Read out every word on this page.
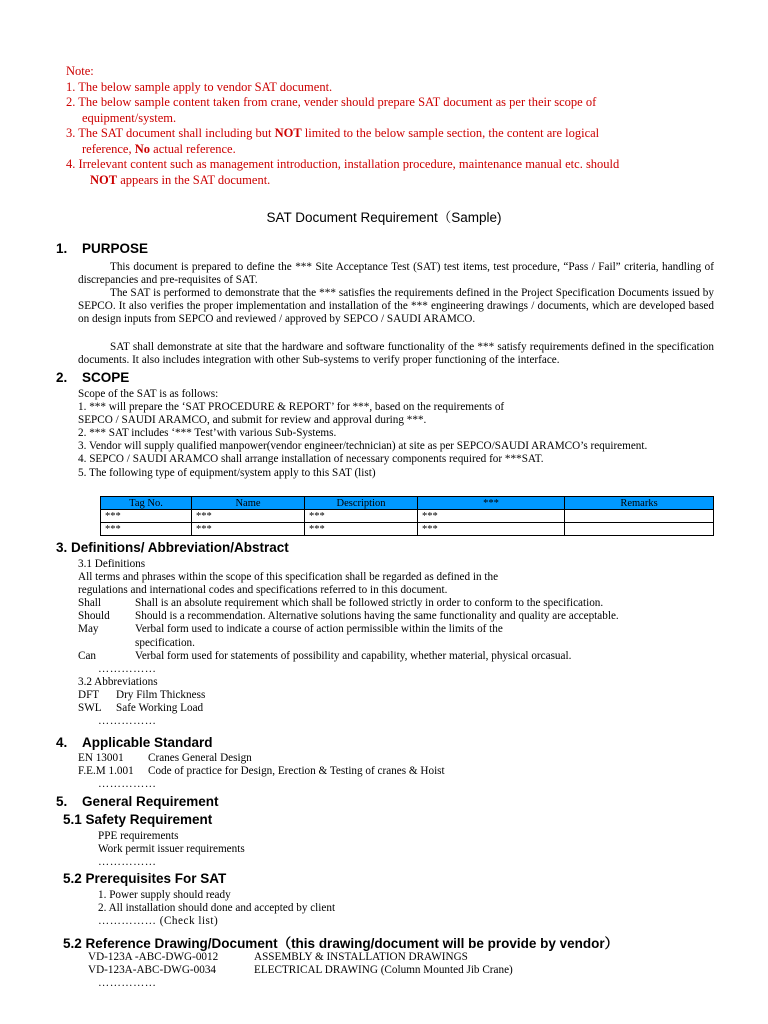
Note:
1. The below sample apply to vendor SAT document.
2. The below sample content taken from crane, vender should prepare SAT document as per their scope of
equipment/system.
3. The SAT document shall including but NOT limited to the below sample section, the content are logical
reference, No actual reference.
4. Irrelevant content such as management introduction, installation procedure, maintenance manual etc. should
NOT appears in the SAT document.
SAT Document Requirement（Sample)
1. PURPOSE
This document is prepared to define the *** Site Acceptance Test (SAT) test items, test procedure, “Pass / Fail” criteria, handling of discrepancies and pre-requisites of SAT.
The SAT is performed to demonstrate that the *** satisfies the requirements defined in the Project Specification Documents issued by SEPCO. It also verifies the proper implementation and installation of the *** engineering drawings / documents, which are developed based on design inputs from SEPCO and reviewed / approved by SEPCO / SAUDI ARAMCO.
SAT shall demonstrate at site that the hardware and software functionality of the *** satisfy requirements defined in the specification documents. It also includes integration with other Sub-systems to verify proper functioning of the interface.
2. SCOPE
Scope of the SAT is as follows:
1. *** will prepare the ‘SAT PROCEDURE & REPORT’ for ***, based on the requirements of
SEPCO / SAUDI ARAMCO, and submit for review and approval during ***.
2. *** SAT includes ‘*** Test’with various Sub-Systems.
3. Vendor will supply qualified manpower(vendor engineer/technician) at site as per SEPCO/SAUDI ARAMCO’s requirement.
4. SEPCO / SAUDI ARAMCO shall arrange installation of necessary components required for ***SAT.
5. The following type of equipment/system apply to this SAT (list)
Tag No.	Name	Description	***	Remarks
***	***	***	***	
***	***	***	***	
3. Definitions/ Abbreviation/Abstract
3.1 Definitions
All terms and phrases within the scope of this specification shall be regarded as defined in the
regulations and international codes and specifications referred to in this document.
Shall	Shall is an absolute requirement which shall be followed strictly in order to conform to the specification.
Should Should is a recommendation. Alternative solutions having the same functionality and quality are acceptable.
May	Verbal form used to indicate a course of action permissible within the limits of the
specification.
Can	Verbal form used for statements of possibility and capability, whether material, physical orcasual.
……………
3.2 Abbreviations
DFT Dry Film Thickness
SWL Safe Working Load
……………
4. Applicable Standard
EN 13001 Cranes General Design
F.E.M 1.001 Code of practice for Design, Erection & Testing of cranes & Hoist
……………
5. General Requirement
5.1 Safety Requirement
PPE requirements
Work permit issuer requirements
……………
5.2 Prerequisites For SAT
1. Power supply should ready
2. All installation should done and accepted by client
…………… (Check list)
5.2 Reference Drawing/Document（this drawing/document will be provide by vendor）
VD-123A -ABC-DWG-0012	ASSEMBLY & INSTALLATION DRAWINGS
VD-123A-ABC-DWG-0034	ELECTRICAL DRAWING (Column Mounted Jib Crane)
……………
